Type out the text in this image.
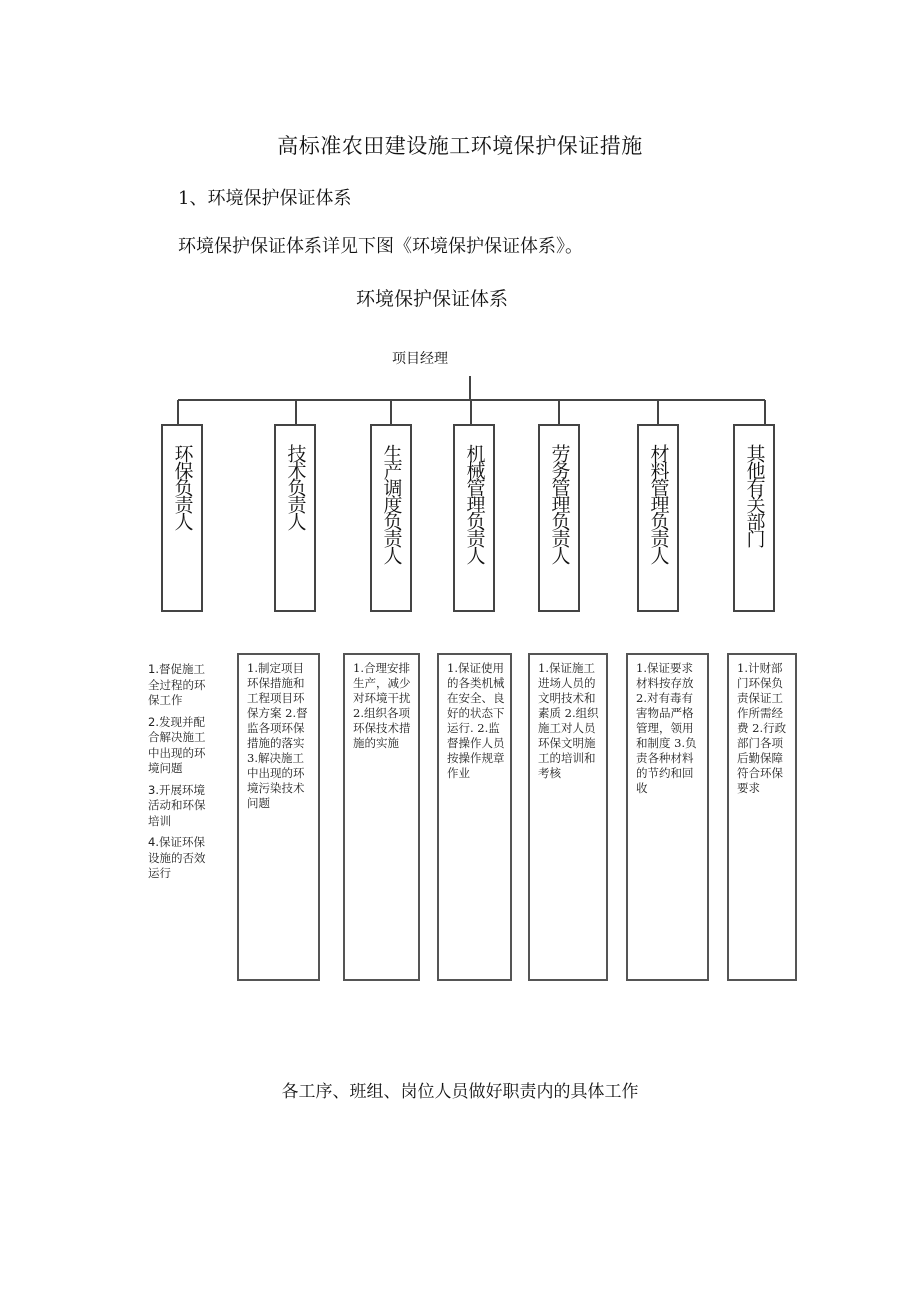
高标准农田建设施工环境保护保证措施
1、环境保护保证体系
环境保护保证体系详见下图《环境保护保证体系》。
环境保护保证体系
项目经理
环保负责人	技术负责人	生产调度负责人	机械管理负责人	劳务管理负责人	材料管理负责人	其他有关部门
1.督促施工全过程的环保工作
2.发现并配合解决施工中出现的环境问题
3.开展环境活动和环保培训
4.保证环保设施的否效运行
1.制定项目环保措施和工程项目环保方案 2.督监各项环保措施的落实 3.解决施工中出现的环境污染技术问题
1.合理安排生产，减少对环境干扰 2.组织各项环保技术措施的实施
1.保证使用的各类机械在安全、良好的状态下运行. 2.监督操作人员按操作规章作业
1.保证施工进场人员的文明技术和素质 2.组织施工对人员环保文明施工的培训和考核
1.保证要求材料按存放 2.对有毒有害物品严格管理，领用和制度 3.负责各种材料的节约和回收
1.计财部门环保负责保证工作所需经费 2.行政部门各项后勤保障符合环保要求
各工序、班组、岗位人员做好职责内的具体工作
